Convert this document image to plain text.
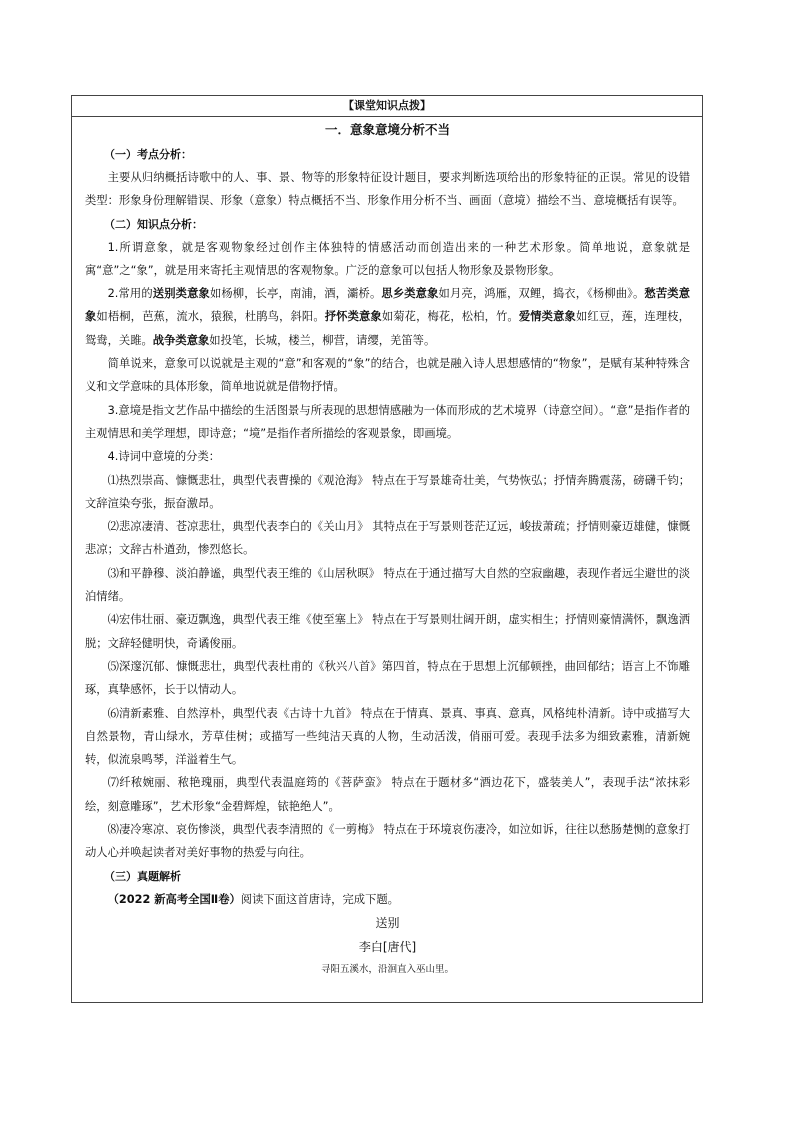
【课堂知识点拨】
一．意象意境分析不当
（一）考点分析：

主要从归纳概括诗歌中的人、事、景、物等的形象特征设计题目，要求判断选项给出的形象特征的正误。常见的设错类型：形象身份理解错误、形象（意象）特点概括不当、形象作用分析不当、画面（意境）描绘不当、意境概括有误等。

（二）知识点分析：

1.所谓意象，就是客观物象经过创作主体独特的情感活动而创造出来的一种艺术形象。简单地说，意象就是寓“意”之“象”，就是用来寄托主观情思的客观物象。广泛的意象可以包括人物形象及景物形象。

2.常用的送别类意象如杨柳，长亭，南浦，酒，灞桥。思乡类意象如月亮，鸿雁，双鲤，捣衣，《杨柳曲》。愁苦类意象如梧桐，芭蕉，流水，猿猴，杜鹃鸟，斜阳。抒怀类意象如菊花，梅花，松柏，竹。爱情类意象如红豆，莲，连理枝，鸳鸯，关雎。战争类意象如投笔，长城，楼兰，柳营，请缨，羌笛等。

简单说来，意象可以说就是主观的“意”和客观的“象”的结合，也就是融入诗人思想感情的“物象”，是赋有某种特殊含义和文学意味的具体形象，简单地说就是借物抒情。

3.意境是指文艺作品中描绘的生活图景与所表现的思想情感融为一体而形成的艺术境界（诗意空间）。“意”是指作者的主观情思和美学理想，即诗意；“境”是指作者所描绘的客观景象，即画境。

4.诗词中意境的分类：

⑴热烈崇高、慷慨悲壮，典型代表曹操的《观沧海》 特点在于写景雄奇壮美，气势恢弘；抒情奔腾震荡，磅礴千钧；文辞渲染夸张，振奋激昂。

⑵悲凉凄清、苍凉悲壮，典型代表李白的《关山月》 其特点在于写景则苍茫辽远，峻拔萧疏；抒情则豪迈雄健，慷慨悲凉；文辞古朴遒劲，惨烈悠长。

⑶和平静穆、淡泊静谧，典型代表王维的《山居秋暝》 特点在于通过描写大自然的空寂幽趣，表现作者远尘避世的淡泊情绪。

⑷宏伟壮丽、豪迈飘逸，典型代表王维《使至塞上》 特点在于写景则壮阔开朗，虚实相生；抒情则豪情满怀，飘逸洒脱；文辞轻健明快，奇谲俊丽。

⑸深邃沉郁、慷慨悲壮，典型代表杜甫的《秋兴八首》第四首，特点在于思想上沉郁顿挫，曲回郁结；语言上不饰雕琢，真挚感怀，长于以情动人。

⑹清新素雅、自然淳朴，典型代表《古诗十九首》 特点在于情真、景真、事真、意真，风格纯朴清新。诗中或描写大自然景物，青山绿水，芳草佳树；或描写一些纯洁天真的人物，生动活泼，俏丽可爱。表现手法多为细致素雅，清新婉转，似流泉鸣琴，洋溢着生气。

⑺纤秾婉丽、秾艳瑰丽，典型代表温庭筠的《菩萨蛮》 特点在于题材多“酒边花下，盛装美人”，表现手法“浓抹彩绘，刻意雕琢”，艺术形象“金碧辉煌，铱艳绝人”。

⑻凄冷寒凉、哀伤惨淡，典型代表李清照的《一剪梅》 特点在于环境哀伤凄冷，如泣如诉，往往以愁肠楚恻的意象打动人心并唤起读者对美好事物的热爱与向往。

（三）真题解析

（2022 新高考全国Ⅱ卷）阅读下面这首唐诗，完成下题。

送别
李白[唐代]
寻阳五溪水，沿洄直入巫山里。
